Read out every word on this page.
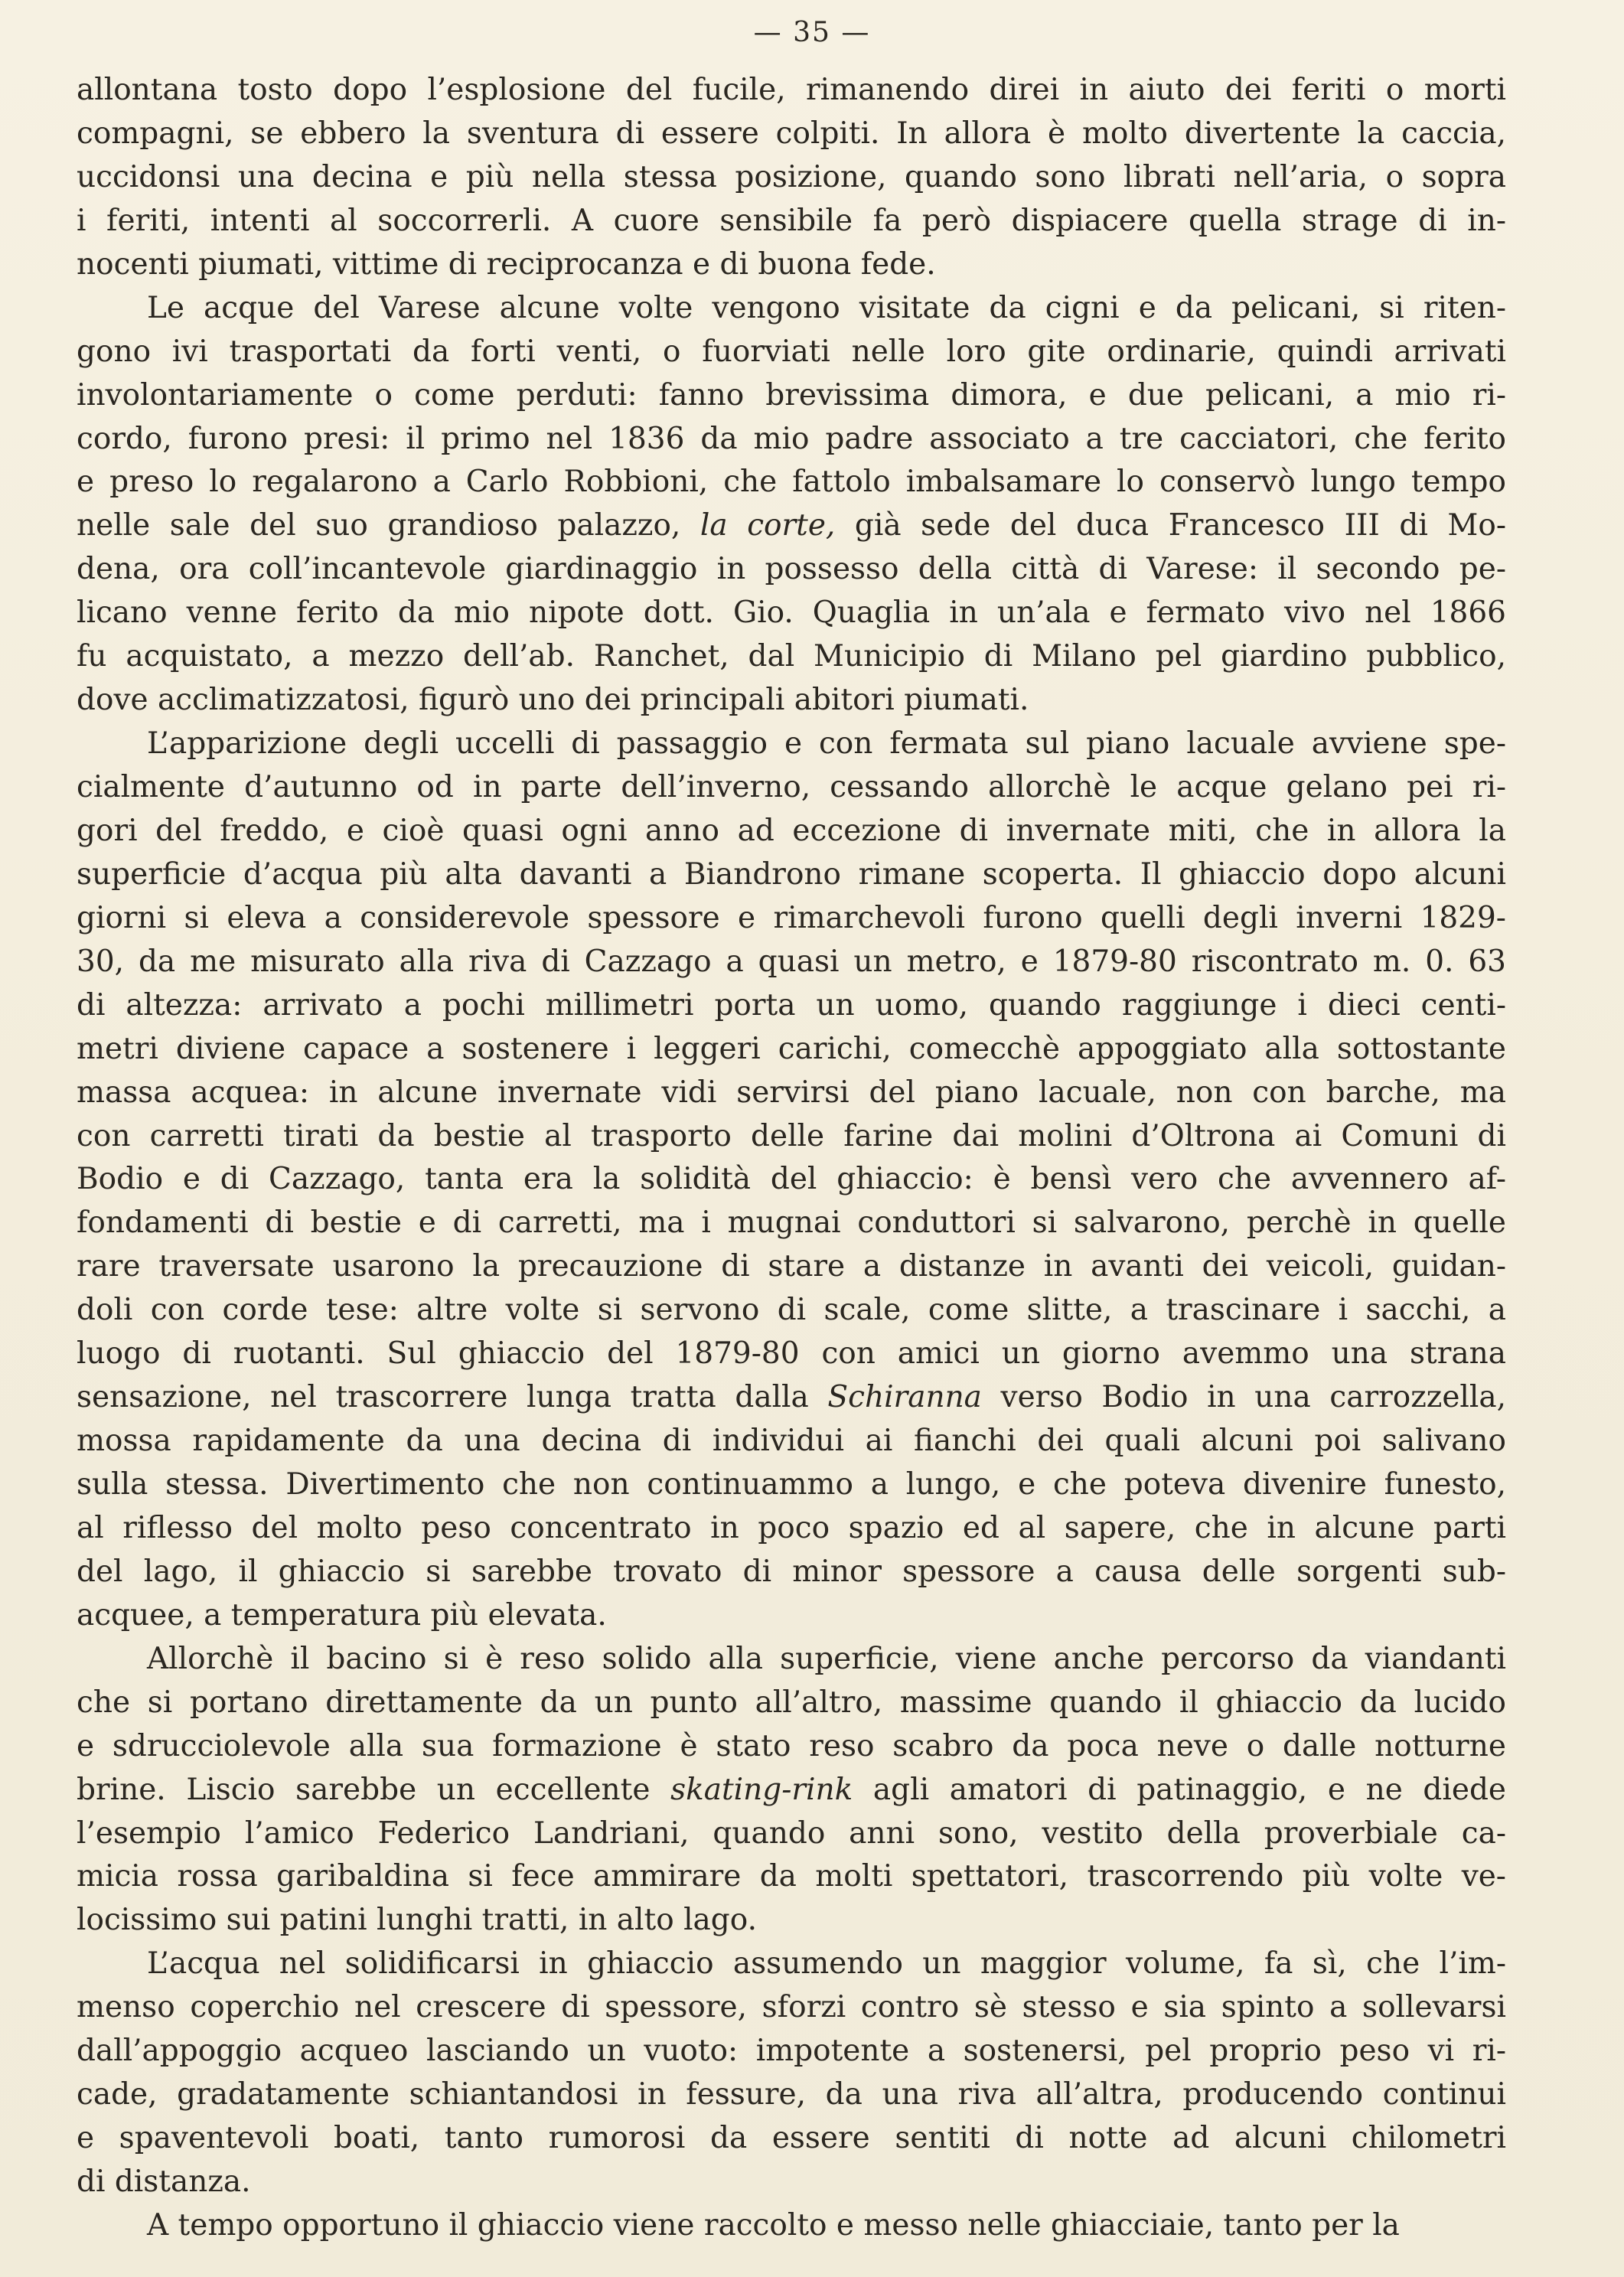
— 35 —
allontana tosto dopo l’esplosione del fucile, rimanendo direi in aiuto dei feriti o morti
compagni, se ebbero la sventura di essere colpiti. In allora è molto divertente la caccia,
uccidonsi una decina e più nella stessa posizione, quando sono librati nell’aria, o sopra
i feriti, intenti al soccorrerli. A cuore sensibile fa però dispiacere quella strage di in-
nocenti piumati, vittime di reciprocanza e di buona fede.
Le acque del Varese alcune volte vengono visitate da cigni e da pelicani, si riten-
gono ivi trasportati da forti venti, o fuorviati nelle loro gite ordinarie, quindi arrivati
involontariamente o come perduti: fanno brevissima dimora, e due pelicani, a mio ri-
cordo, furono presi: il primo nel 1836 da mio padre associato a tre cacciatori, che ferito
e preso lo regalarono a Carlo Robbioni, che fattolo imbalsamare lo conservò lungo tempo
nelle sale del suo grandioso palazzo, la corte, già sede del duca Francesco III di Mo-
dena, ora coll’incantevole giardinaggio in possesso della città di Varese: il secondo pe-
licano venne ferito da mio nipote dott. Gio. Quaglia in un’ala e fermato vivo nel 1866
fu acquistato, a mezzo dell’ab. Ranchet, dal Municipio di Milano pel giardino pubblico,
dove acclimatizzatosi, figurò uno dei principali abitori piumati.
L’apparizione degli uccelli di passaggio e con fermata sul piano lacuale avviene spe-
cialmente d’autunno od in parte dell’inverno, cessando allorchè le acque gelano pei ri-
gori del freddo, e cioè quasi ogni anno ad eccezione di invernate miti, che in allora la
superficie d’acqua più alta davanti a Biandrono rimane scoperta. Il ghiaccio dopo alcuni
giorni si eleva a considerevole spessore e rimarchevoli furono quelli degli inverni 1829-
30, da me misurato alla riva di Cazzago a quasi un metro, e 1879-80 riscontrato m. 0. 63
di altezza: arrivato a pochi millimetri porta un uomo, quando raggiunge i dieci centi-
metri diviene capace a sostenere i leggeri carichi, comecchè appoggiato alla sottostante
massa acquea: in alcune invernate vidi servirsi del piano lacuale, non con barche, ma
con carretti tirati da bestie al trasporto delle farine dai molini d’Oltrona ai Comuni di
Bodio e di Cazzago, tanta era la solidità del ghiaccio: è bensì vero che avvennero af-
fondamenti di bestie e di carretti, ma i mugnai conduttori si salvarono, perchè in quelle
rare traversate usarono la precauzione di stare a distanze in avanti dei veicoli, guidan-
doli con corde tese: altre volte si servono di scale, come slitte, a trascinare i sacchi, a
luogo di ruotanti. Sul ghiaccio del 1879-80 con amici un giorno avemmo una strana
sensazione, nel trascorrere lunga tratta dalla Schiranna verso Bodio in una carrozzella,
mossa rapidamente da una decina di individui ai fianchi dei quali alcuni poi salivano
sulla stessa. Divertimento che non continuammo a lungo, e che poteva divenire funesto,
al riflesso del molto peso concentrato in poco spazio ed al sapere, che in alcune parti
del lago, il ghiaccio si sarebbe trovato di minor spessore a causa delle sorgenti sub-
acquee, a temperatura più elevata.
Allorchè il bacino si è reso solido alla superficie, viene anche percorso da viandanti
che si portano direttamente da un punto all’altro, massime quando il ghiaccio da lucido
e sdrucciolevole alla sua formazione è stato reso scabro da poca neve o dalle notturne
brine. Liscio sarebbe un eccellente skating-rink agli amatori di patinaggio, e ne diede
l’esempio l’amico Federico Landriani, quando anni sono, vestito della proverbiale ca-
micia rossa garibaldina si fece ammirare da molti spettatori, trascorrendo più volte ve-
locissimo sui patini lunghi tratti, in alto lago.
L’acqua nel solidificarsi in ghiaccio assumendo un maggior volume, fa sì, che l’im-
menso coperchio nel crescere di spessore, sforzi contro sè stesso e sia spinto a sollevarsi
dall’appoggio acqueo lasciando un vuoto: impotente a sostenersi, pel proprio peso vi ri-
cade, gradatamente schiantandosi in fessure, da una riva all’altra, producendo continui
e spaventevoli boati, tanto rumorosi da essere sentiti di notte ad alcuni chilometri
di distanza.
A tempo opportuno il ghiaccio viene raccolto e messo nelle ghiacciaie, tanto per la
